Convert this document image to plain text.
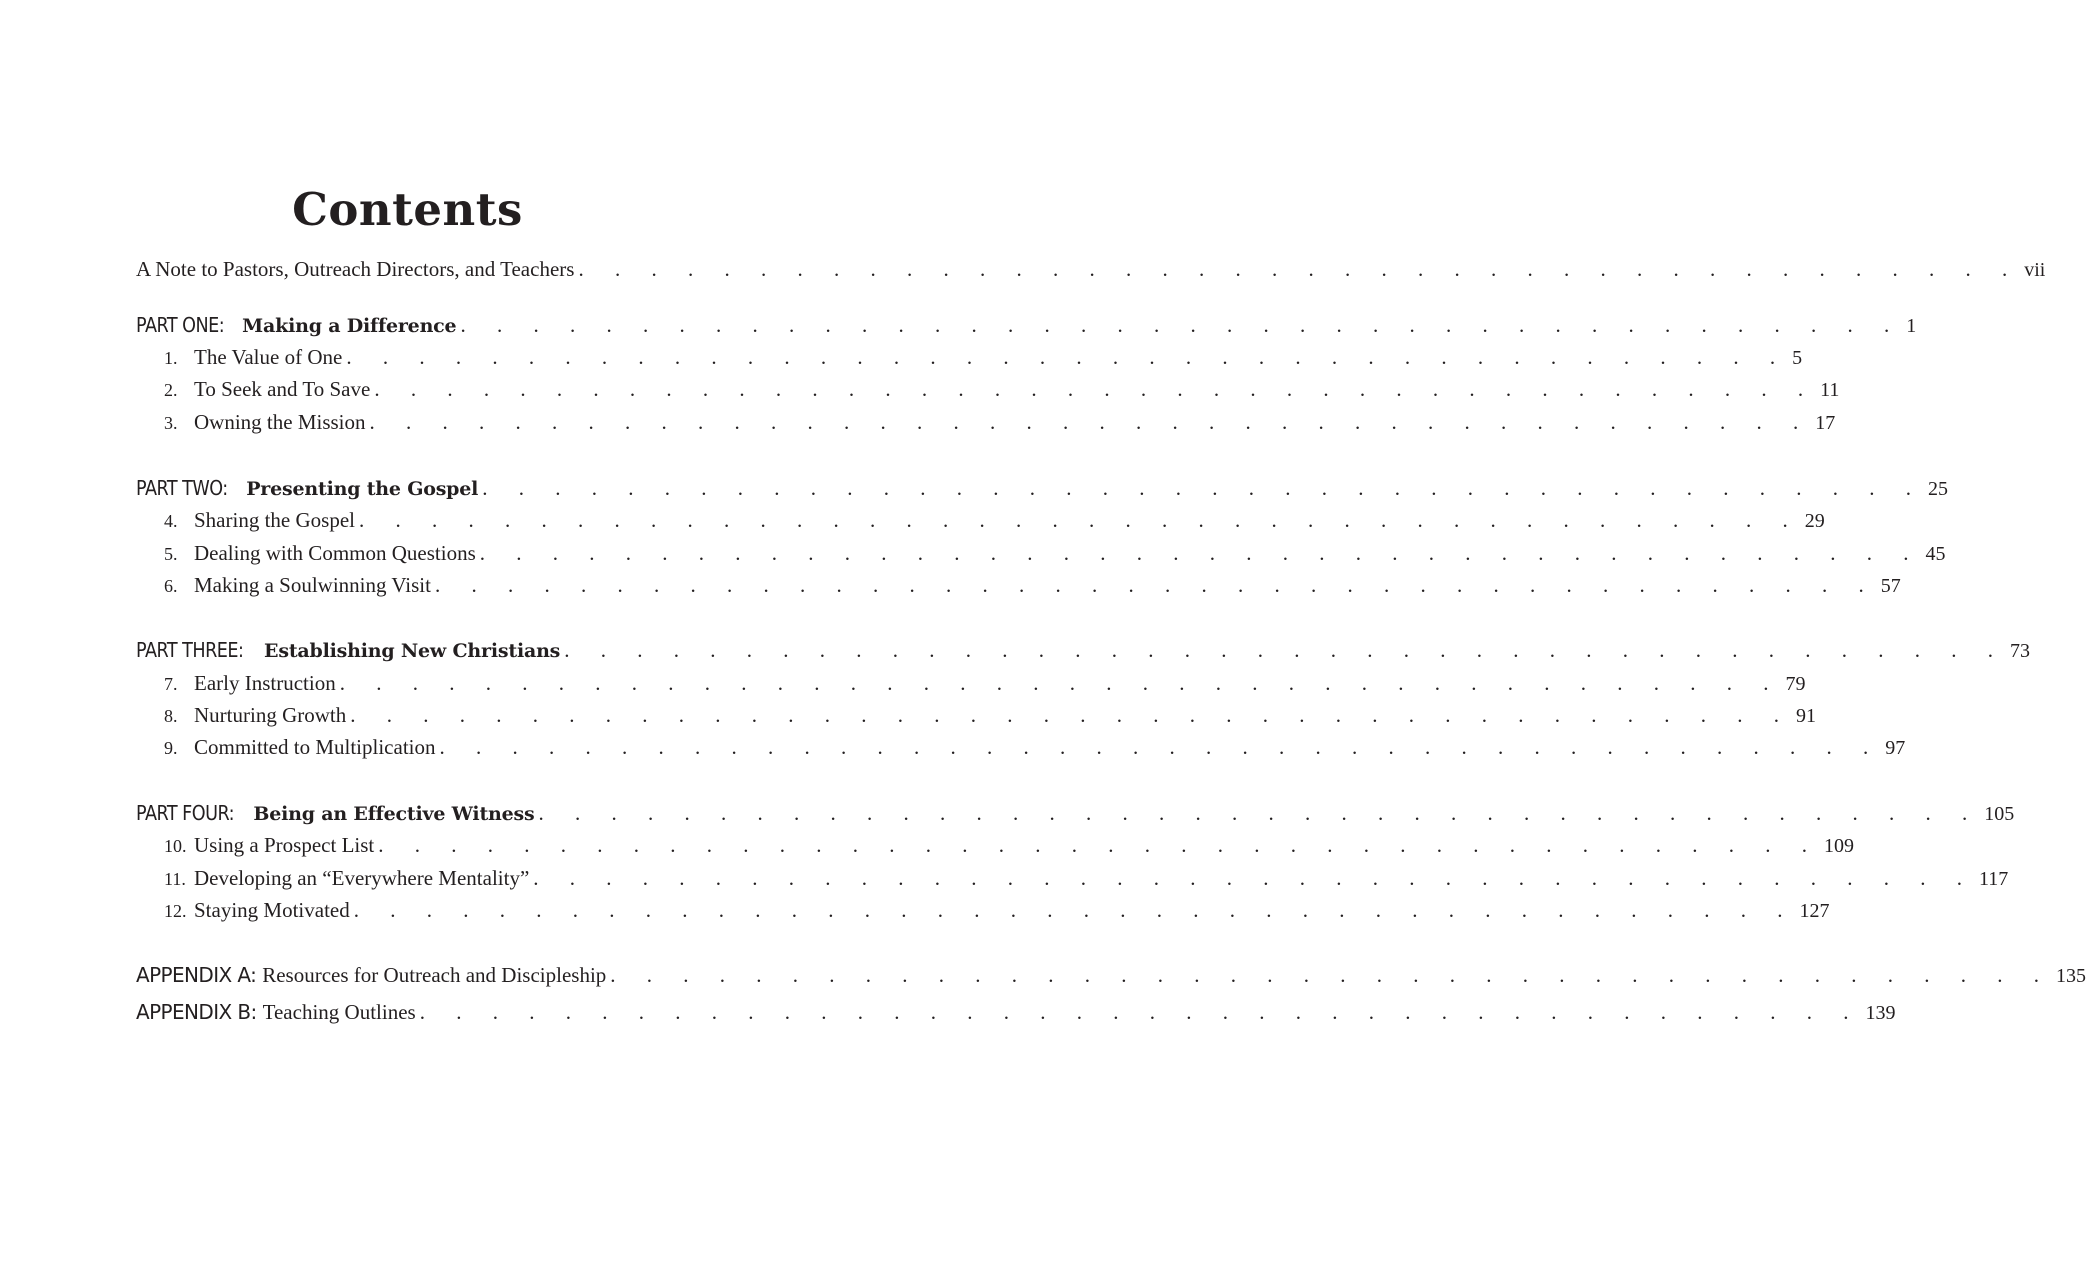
Contents
A Note to Pastors, Outreach Directors, and Teachers . . . . . . . . . . . . . . . . . . . . . . . . . . . . . . . . . . . . . . . . vii
PART ONE: Making a Difference . . . . . . . . . . . . . . . . . . . . . . . . . . . . . . . . . . . . . . . . 1
1. The Value of One . . . . . . . . . . . . . . . . . . . . . . . . . . . . . . . . . . . . . . . . 5
2. To Seek and To Save . . . . . . . . . . . . . . . . . . . . . . . . . . . . . . . . . . . . . . . . 11
3. Owning the Mission . . . . . . . . . . . . . . . . . . . . . . . . . . . . . . . . . . . . . . . . 17
PART TWO: Presenting the Gospel . . . . . . . . . . . . . . . . . . . . . . . . . . . . . . . . . . . . . . . . 25
4. Sharing the Gospel . . . . . . . . . . . . . . . . . . . . . . . . . . . . . . . . . . . . . . . . 29
5. Dealing with Common Questions . . . . . . . . . . . . . . . . . . . . . . . . . . . . . . . . . . . . . . . . 45
6. Making a Soulwinning Visit . . . . . . . . . . . . . . . . . . . . . . . . . . . . . . . . . . . . . . . . 57
PART THREE: Establishing New Christians . . . . . . . . . . . . . . . . . . . . . . . . . . . . . . . . . . . . . . . . 73
7. Early Instruction . . . . . . . . . . . . . . . . . . . . . . . . . . . . . . . . . . . . . . . . 79
8. Nurturing Growth . . . . . . . . . . . . . . . . . . . . . . . . . . . . . . . . . . . . . . . . 91
9. Committed to Multiplication . . . . . . . . . . . . . . . . . . . . . . . . . . . . . . . . . . . . . . . . 97
PART FOUR: Being an Effective Witness . . . . . . . . . . . . . . . . . . . . . . . . . . . . . . . . . . . . . . . . 105
10. Using a Prospect List . . . . . . . . . . . . . . . . . . . . . . . . . . . . . . . . . . . . . . . . 109
11. Developing an “Everywhere Mentality” . . . . . . . . . . . . . . . . . . . . . . . . . . . . . . . . . . . . . . . . 117
12. Staying Motivated . . . . . . . . . . . . . . . . . . . . . . . . . . . . . . . . . . . . . . . . 127
APPENDIX A: Resources for Outreach and Discipleship . . . . . . . . . . . . . . . . . . . . . . . . . . . . . . . . . . . . . . . . 135
APPENDIX B: Teaching Outlines . . . . . . . . . . . . . . . . . . . . . . . . . . . . . . . . . . . . . . . . 139
